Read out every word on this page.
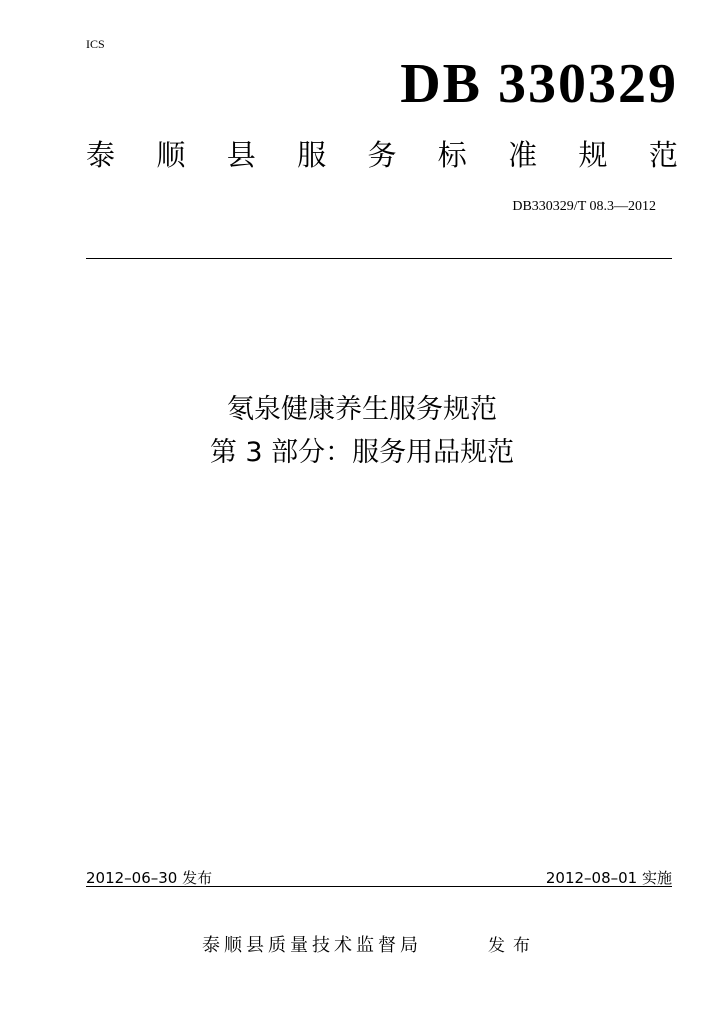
ICS
DB 330329
泰 顺 县 服 务 标 准 规 范
DB330329/T 08.3—2012
氡泉健康养生服务规范
第 3 部分：服务用品规范
2012–06–30 发布	2012–08–01 实施
泰顺县质量技术监督局	发布
